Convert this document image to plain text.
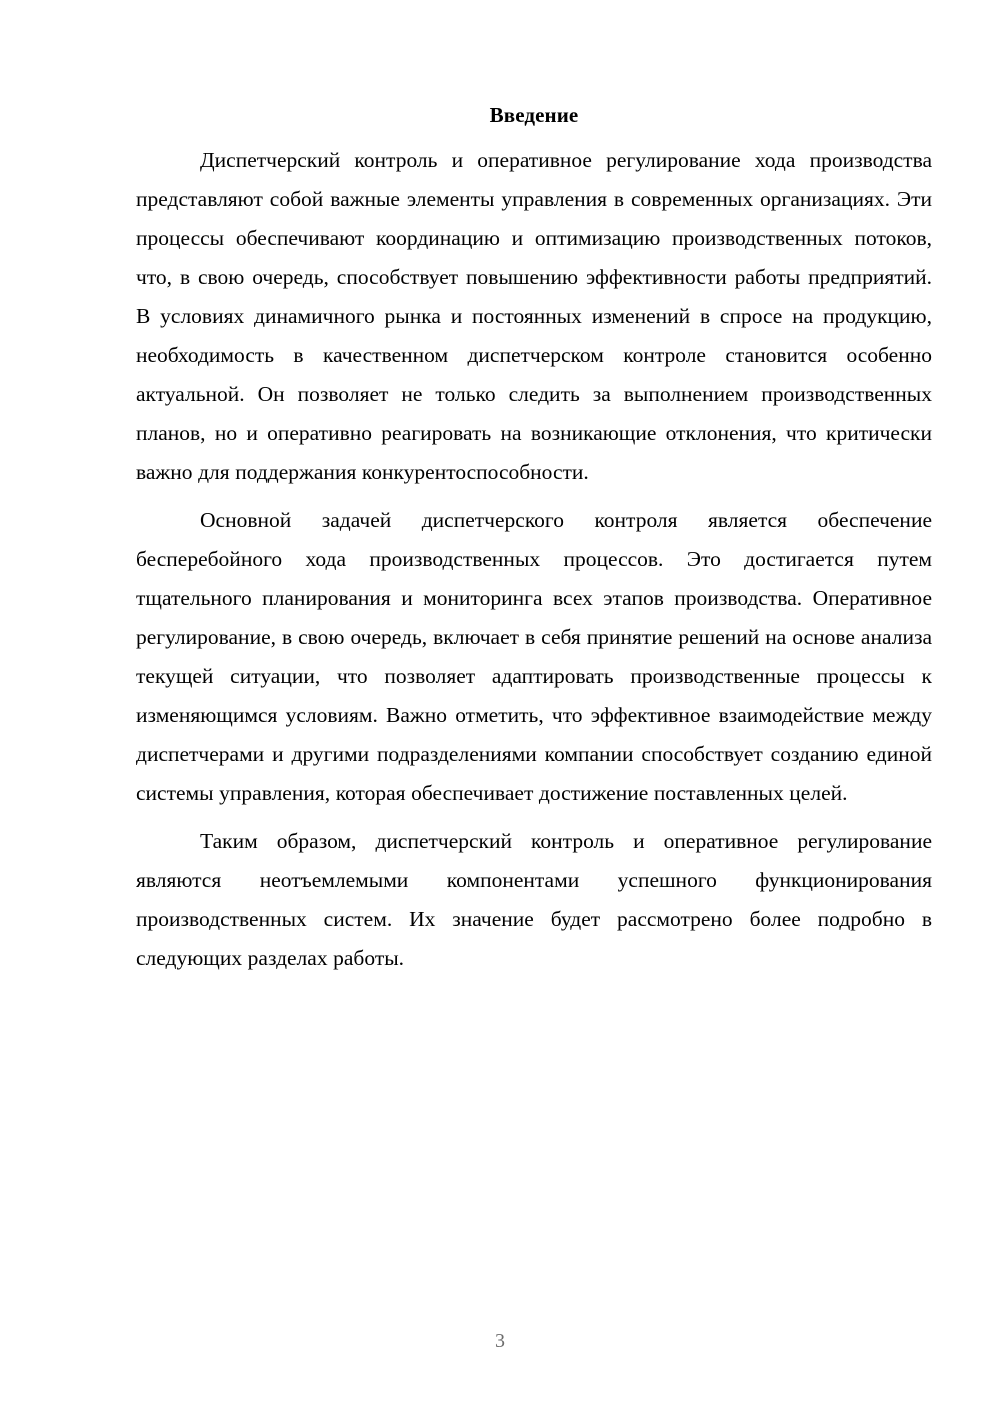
Введение

Диспетчерский контроль и оперативное регулирование хода производства представляют собой важные элементы управления в современных организациях. Эти процессы обеспечивают координацию и оптимизацию производственных потоков, что, в свою очередь, способствует повышению эффективности работы предприятий. В условиях динамичного рынка и постоянных изменений в спросе на продукцию, необходимость в качественном диспетчерском контроле становится особенно актуальной. Он позволяет не только следить за выполнением производственных планов, но и оперативно реагировать на возникающие отклонения, что критически важно для поддержания конкурентоспособности.

Основной задачей диспетчерского контроля является обеспечение бесперебойного хода производственных процессов. Это достигается путем тщательного планирования и мониторинга всех этапов производства. Оперативное регулирование, в свою очередь, включает в себя принятие решений на основе анализа текущей ситуации, что позволяет адаптировать производственные процессы к изменяющимся условиям. Важно отметить, что эффективное взаимодействие между диспетчерами и другими подразделениями компании способствует созданию единой системы управления, которая обеспечивает достижение поставленных целей.

Таким образом, диспетчерский контроль и оперативное регулирование являются неотъемлемыми компонентами успешного функционирования производственных систем. Их значение будет рассмотрено более подробно в следующих разделах работы.

3
